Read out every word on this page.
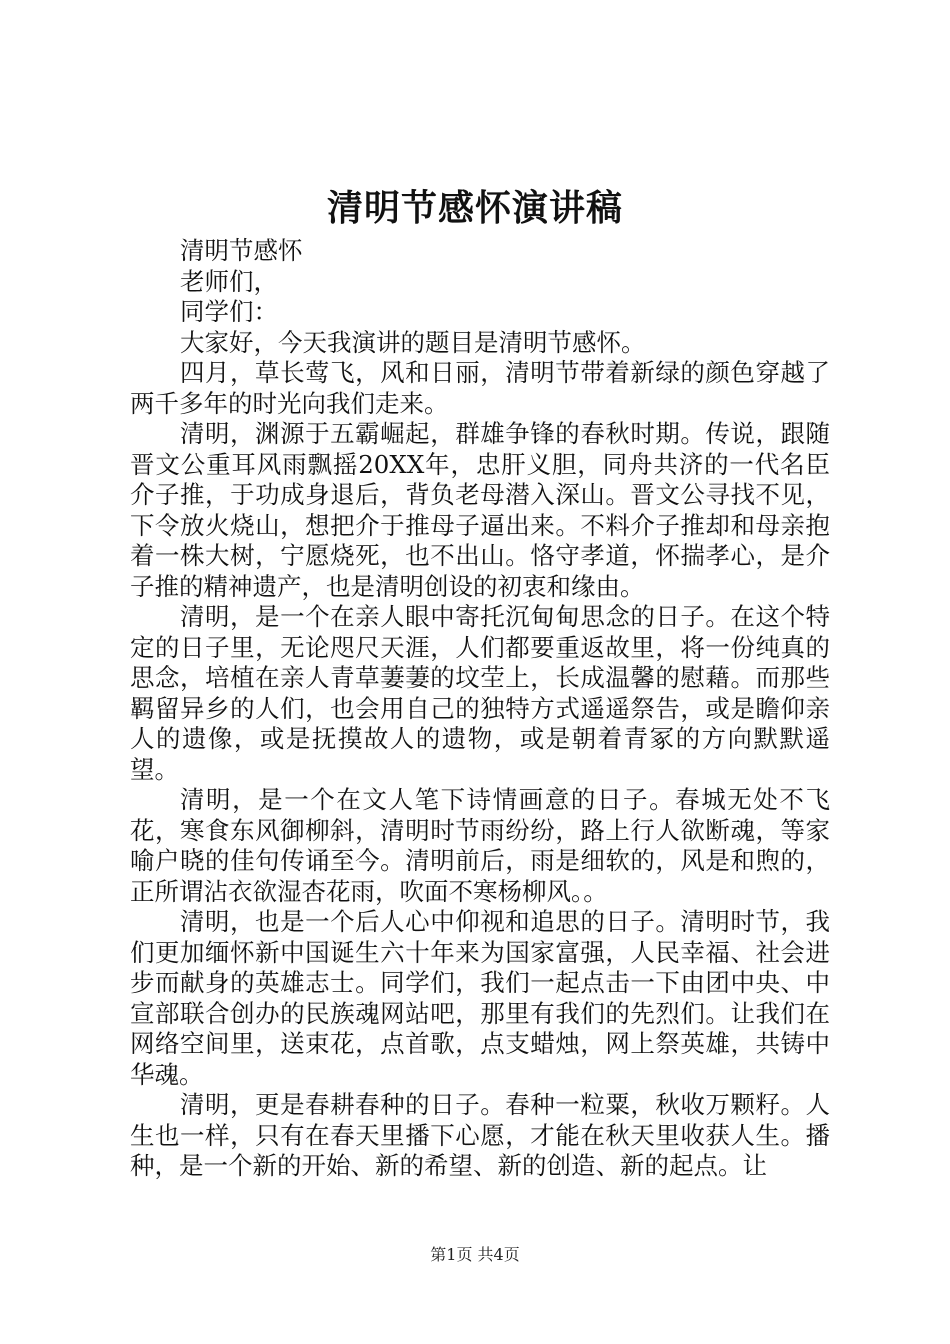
清明节感怀演讲稿

清明节感怀

老师们，

同学们：

大家好，今天我演讲的题目是清明节感怀。

四月，草长莺飞，风和日丽，清明节带着新绿的颜色穿越了两千多年的时光向我们走来。

清明，渊源于五霸崛起，群雄争锋的春秋时期。传说，跟随晋文公重耳风雨飘摇20XX年，忠肝义胆，同舟共济的一代名臣介子推，于功成身退后，背负老母潜入深山。晋文公寻找不见，下令放火烧山，想把介于推母子逼出来。不料介子推却和母亲抱着一株大树，宁愿烧死，也不出山。恪守孝道，怀揣孝心，是介子推的精神遗产，也是清明创设的初衷和缘由。

清明，是一个在亲人眼中寄托沉甸甸思念的日子。在这个特定的日子里，无论咫尺天涯，人们都要重返故里，将一份纯真的思念，培植在亲人青草萋萋的坟茔上，长成温馨的慰藉。而那些羁留异乡的人们，也会用自己的独特方式遥遥祭告，或是瞻仰亲人的遗像，或是抚摸故人的遗物，或是朝着青冢的方向默默遥望。

清明，是一个在文人笔下诗情画意的日子。春城无处不飞花，寒食东风御柳斜，清明时节雨纷纷，路上行人欲断魂，等家喻户晓的佳句传诵至今。清明前后，雨是细软的，风是和煦的，正所谓沾衣欲湿杏花雨，吹面不寒杨柳风。。

清明，也是一个后人心中仰视和追思的日子。清明时节，我们更加缅怀新中国诞生六十年来为国家富强，人民幸福、社会进步而献身的英雄志士。同学们，我们一起点击一下由团中央、中宣部联合创办的民族魂网站吧，那里有我们的先烈们。让我们在网络空间里，送束花，点首歌，点支蜡烛，网上祭英雄，共铸中华魂。

清明，更是春耕春种的日子。春种一粒粟，秋收万颗籽。人生也一样，只有在春天里播下心愿，才能在秋天里收获人生。播种，是一个新的开始、新的希望、新的创造、新的起点。让

第1页 共4页
